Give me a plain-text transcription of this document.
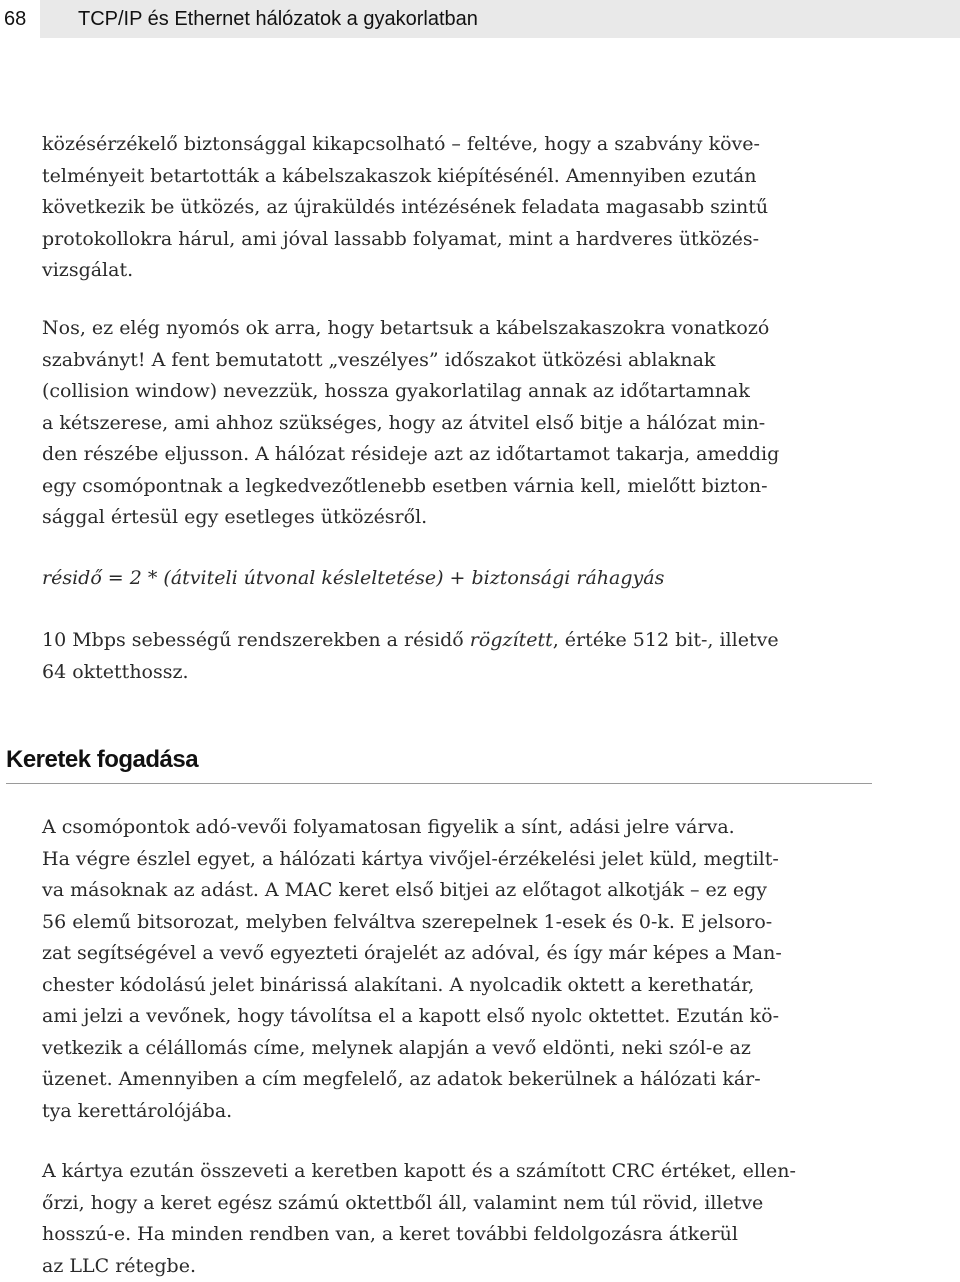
68	TCP/IP és Ethernet hálózatok a gyakorlatban
közésérzékelő biztonsággal kikapcsolható – feltéve, hogy a szabvány köve-
telményeit betartották a kábelszakaszok kiépítésénél. Amennyiben ezután
következik be ütközés, az újraküldés intézésének feladata magasabb szintű
protokollokra hárul, ami jóval lassabb folyamat, mint a hardveres ütközés-
vizsgálat.
Nos, ez elég nyomós ok arra, hogy betartsuk a kábelszakaszokra vonatkozó
szabványt! A fent bemutatott „veszélyes” időszakot ütközési ablaknak
(collision window) nevezzük, hossza gyakorlatilag annak az időtartamnak
a kétszerese, ami ahhoz szükséges, hogy az átvitel első bitje a hálózat min-
den részébe eljusson. A hálózat résideje azt az időtartamot takarja, ameddig
egy csomópontnak a legkedvezőtlenebb esetben várnia kell, mielőtt bizton-
sággal értesül egy esetleges ütközésről.
résidő = 2 * (átviteli útvonal késleltetése) + biztonsági ráhagyás
10 Mbps sebességű rendszerekben a résidő rögzített, értéke 512 bit-, illetve
64 oktetthossz.
Keretek fogadása
A csomópontok adó-vevői folyamatosan figyelik a sínt, adási jelre várva.
Ha végre észlel egyet, a hálózati kártya vivőjel-érzékelési jelet küld, megtilt-
va másoknak az adást. A MAC keret első bitjei az előtagot alkotják – ez egy
56 elemű bitsorozat, melyben felváltva szerepelnek 1-esek és 0-k. E jelsoro-
zat segítségével a vevő egyezteti órajelét az adóval, és így már képes a Man-
chester kódolású jelet binárissá alakítani. A nyolcadik oktett a kerethatár,
ami jelzi a vevőnek, hogy távolítsa el a kapott első nyolc oktettet. Ezután kö-
vetkezik a célállomás címe, melynek alapján a vevő eldönti, neki szól-e az
üzenet. Amennyiben a cím megfelelő, az adatok bekerülnek a hálózati kár-
tya kerettárolójába.
A kártya ezután összeveti a keretben kapott és a számított CRC értéket, ellen-
őrzi, hogy a keret egész számú oktettből áll, valamint nem túl rövid, illetve
hosszú-e. Ha minden rendben van, a keret további feldolgozásra átkerül
az LLC rétegbe.
